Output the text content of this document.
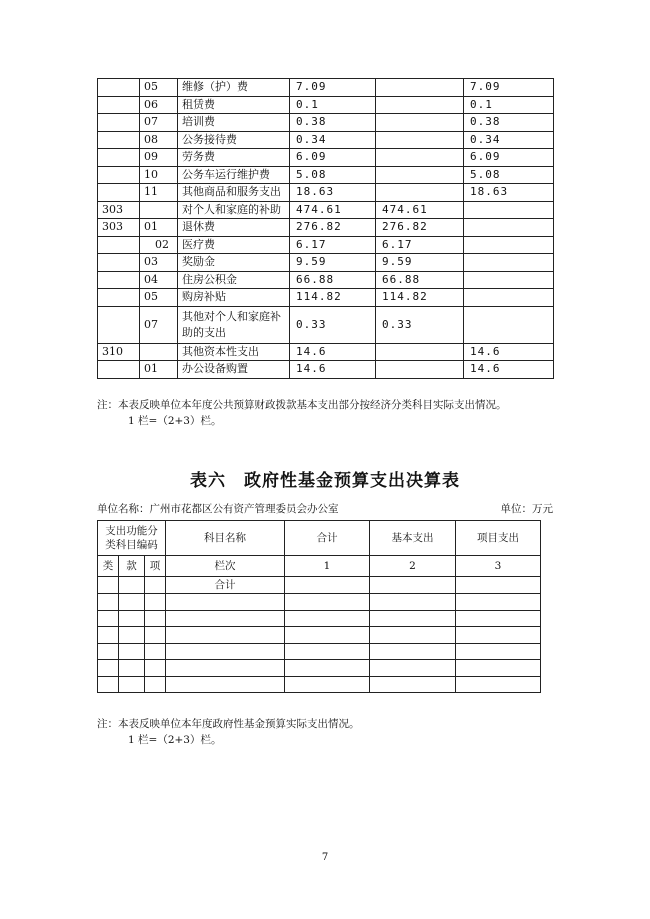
	05	维修（护）费	7.09		7.09
	06	租赁费	0.1		0.1
	07	培训费	0.38		0.38
	08	公务接待费	0.34		0.34
	09	劳务费	6.09		6.09
	10	公务车运行维护费	5.08		5.08
	11	其他商品和服务支出	18.63		18.63
303		对个人和家庭的补助	474.61	474.61	
303	01	退休费	276.82	276.82	
	02	医疗费	6.17	6.17	
	03	奖励金	9.59	9.59	
	04	住房公积金	66.88	66.88	
	05	购房补贴	114.82	114.82	
	07	其他对个人和家庭补助的支出	0.33	0.33	
310		其他资本性支出	14.6		14.6
	01	办公设备购置	14.6		14.6
注：本表反映单位本年度公共预算财政拨款基本支出部分按经济分类科目实际支出情况。
1 栏=（2+3）栏。
表六　政府性基金预算支出决算表
单位名称：广州市花都区公有资产管理委员会办公室	单位：万元
支出功能分类科目编码			科目名称	合计	基本支出	项目支出
类	款	项				
			栏次	1	2	3
			合计			

注：本表反映单位本年度政府性基金预算实际支出情况。
1 栏=（2+3）栏。
7
